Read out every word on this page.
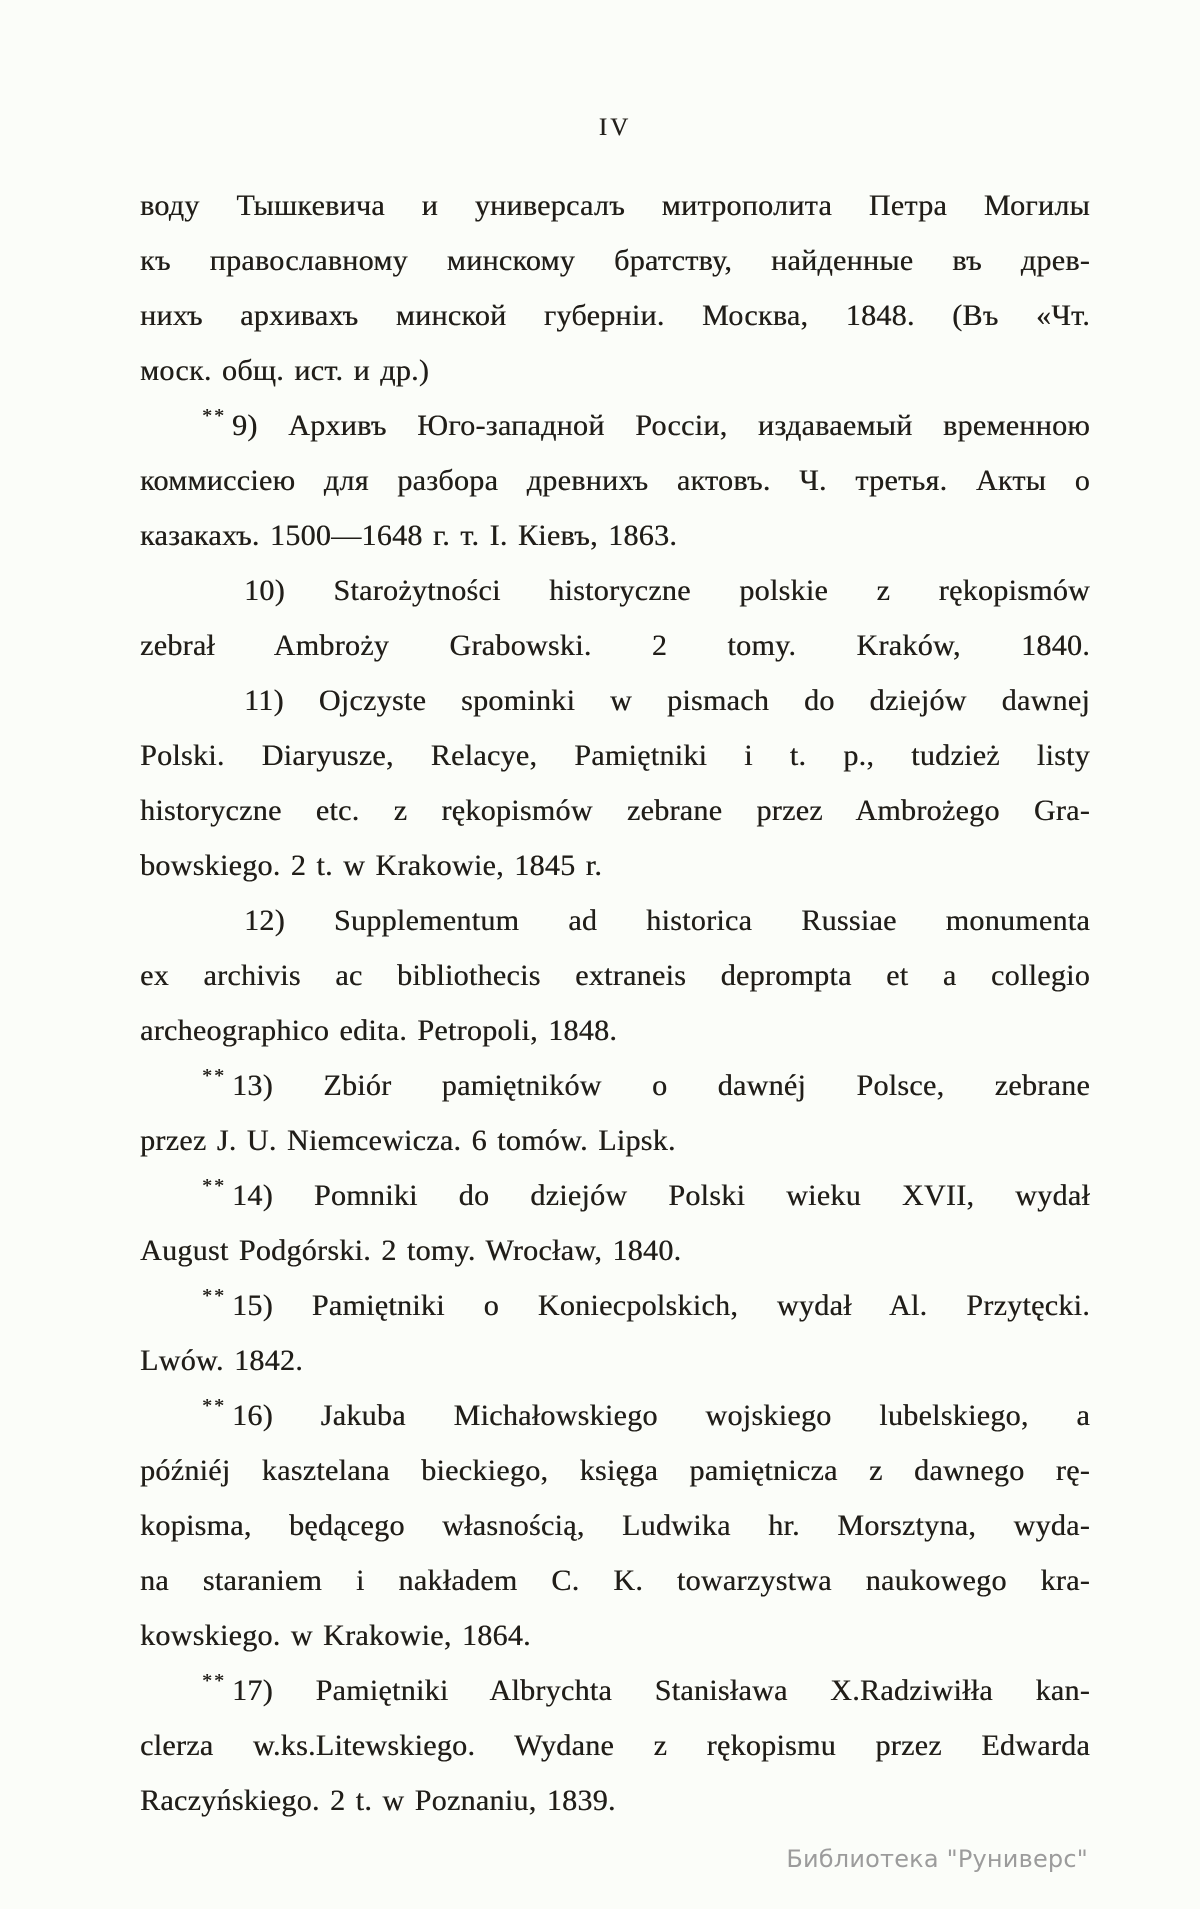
IV
воду Тышкевича и универсалъ митрополита Петра Могилы
къ православному минскому братству, найденные въ древ-
нихъ архивахъ минской губерніи. Москва, 1848. (Въ «Чт.
моск. общ. ист. и др.)
** 9) Архивъ Юго-западной Россіи, издаваемый временною
коммиссіею для разбора древнихъ актовъ. Ч. третья. Акты о
казакахъ. 1500—1648 г. т. I. Кіевъ, 1863.
10) Starożytności historyczne polskie z rękopismów
zebrał Ambroży Grabowski. 2 tomy. Kraków, 1840.
11) Ojczyste spominki w pismach do dziejów dawnej
Polski. Diaryusze, Relacye, Pamiętniki i t. p., tudzież listy
historyczne etc. z rękopismów zebrane przez Ambrożego Gra-
bowskiego. 2 t. w Krakowie, 1845 r.
12) Supplementum ad historica Russiae monumenta
ex archivis ac bibliothecis extraneis deprompta et a collegio
archeographico edita. Petropoli, 1848.
** 13) Zbiór pamiętników o dawnéj Polsce, zebrane
przez J. U. Niemcewicza. 6 tomów. Lipsk.
** 14) Pomniki do dziejów Polski wieku XVII, wydał
August Podgórski. 2 tomy. Wrocław, 1840.
** 15) Pamiętniki o Koniecpolskich, wydał Al. Przytęcki.
Lwów. 1842.
** 16) Jakuba Michałowskiego wojskiego lubelskiego, a
późniéj kasztelana bieckiego, księga pamiętnicza z dawnego rę-
kopisma, będącego własnością, Ludwika hr. Morsztyna, wyda-
na staraniem i nakładem C. K. towarzystwa naukowego kra-
kowskiego. w Krakowie, 1864.
** 17) Pamiętniki Albrychta Stanisława X.Radziwiłła kan-
clerza w.ks.Litewskiego. Wydane z rękopismu przez Edwarda
Raczyńskiego. 2 t. w Poznaniu, 1839.
Библиотека "Руниверс"
